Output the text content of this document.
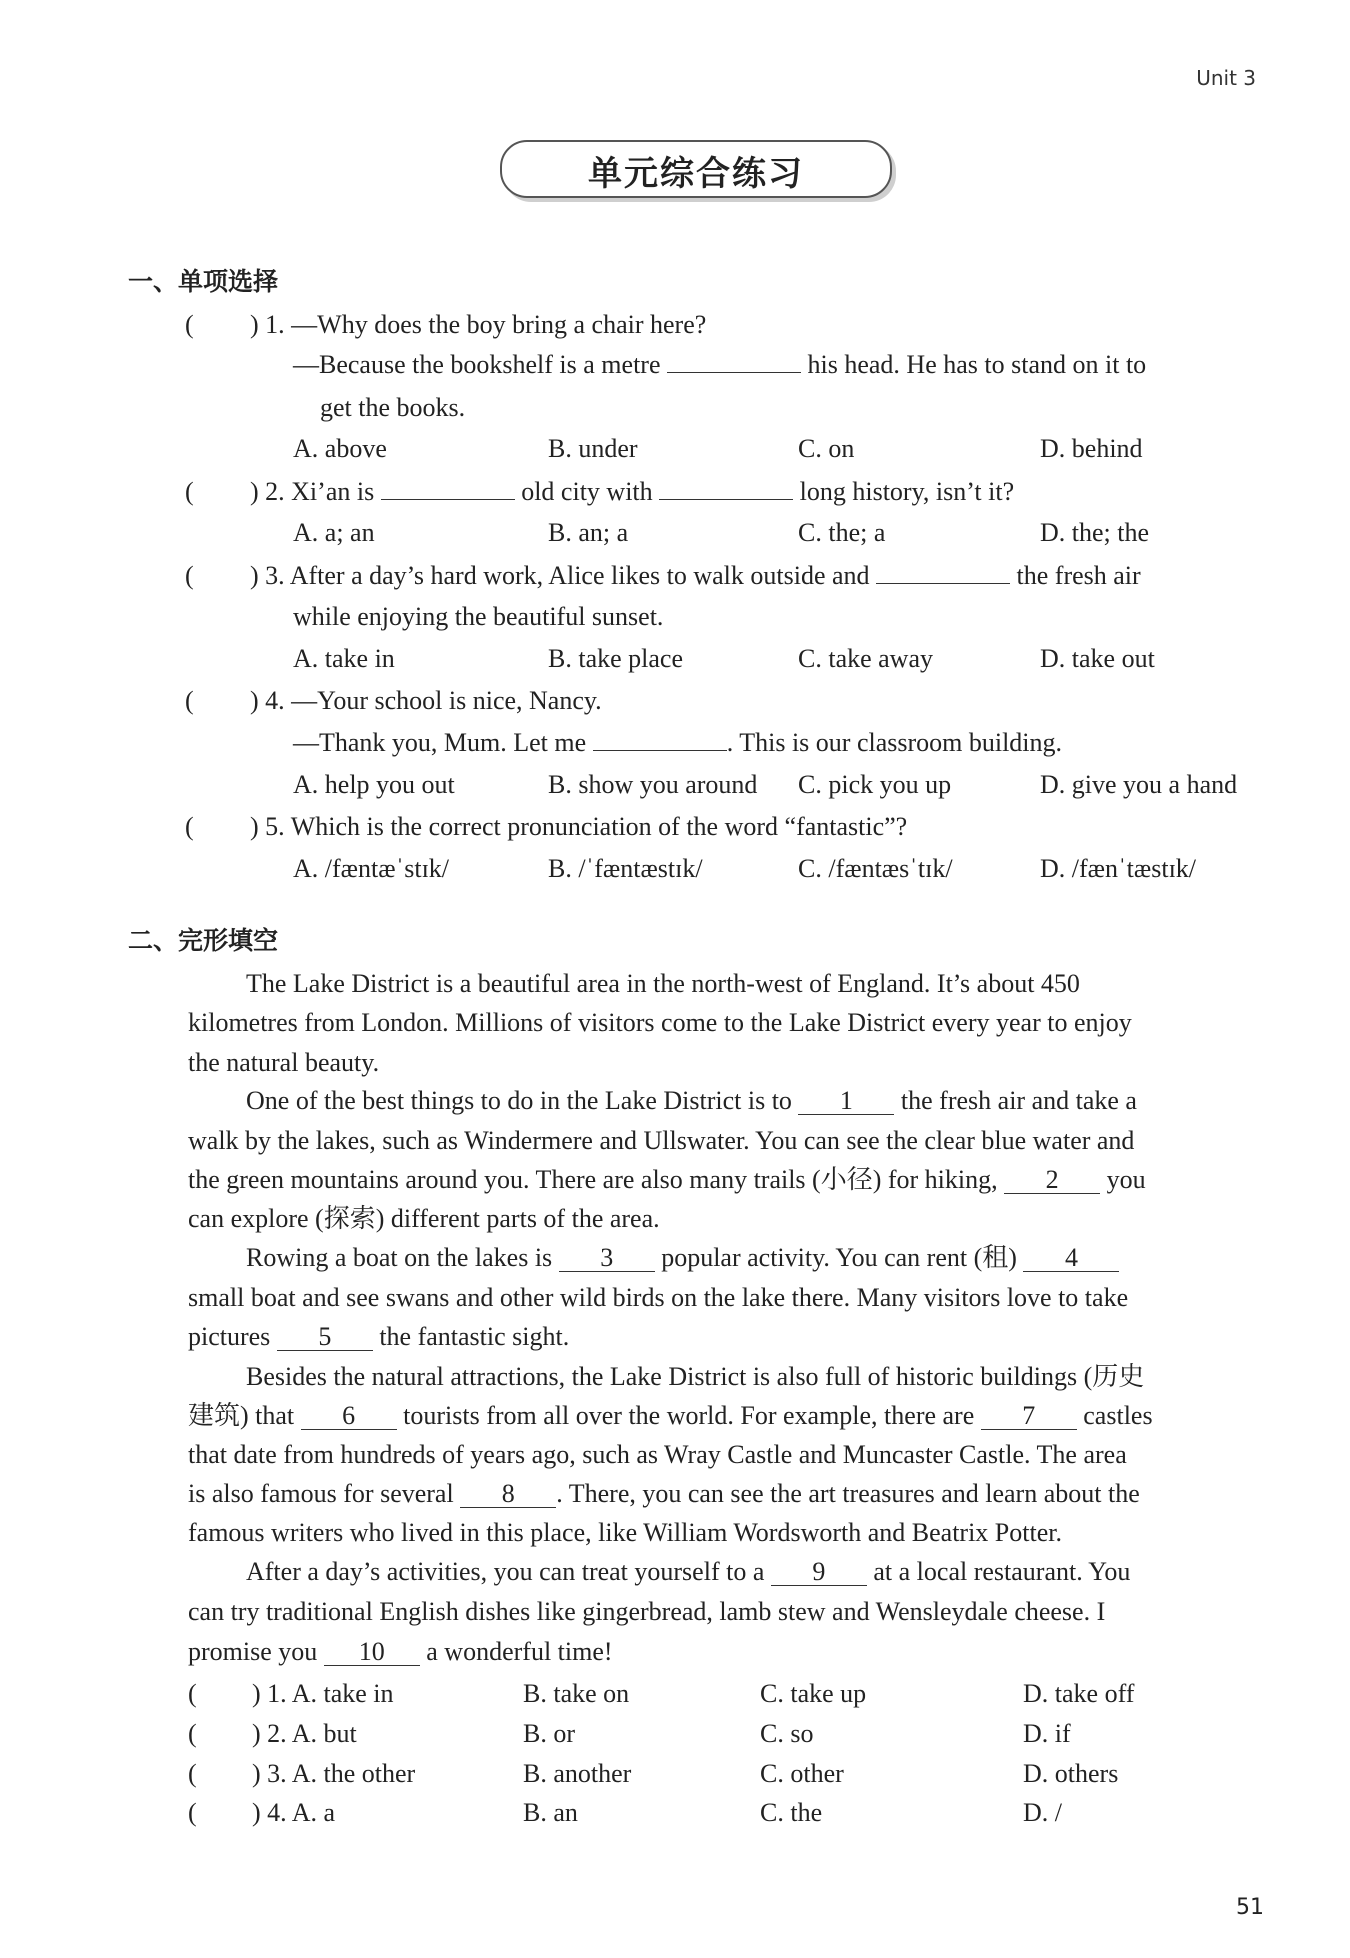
Unit 3
单元综合练习
一、单项选择
( ) 1. —Why does the boy bring a chair here?
—Because the bookshelf is a metre	his head. He has to stand on it to
get the books.
A. above	B. under	C. on	D. behind
( ) 2. Xi’an is	old city with	long history, isn’t it?
A. a; an	B. an; a	C. the; a	D. the; the
( ) 3. After a day’s hard work, Alice likes to walk outside and	the fresh air
while enjoying the beautiful sunset.
A. take in	B. take place	C. take away	D. take out
( ) 4. —Your school is nice, Nancy.
—Thank you, Mum. Let me	. This is our classroom building.
A. help you out	B. show you around C. pick you up	D. give you a hand
( ) 5. Which is the correct pronunciation of the word “fantastic”?
A. /fæntæˈstɪk/	B. /ˈfæntæstɪk/	C. /fæntæsˈtɪk/	D. /fænˈtæstɪk/
二、完形填空
The Lake District is a beautiful area in the north-west of England. It’s about 450
kilometres from London. Millions of visitors come to the Lake District every year to enjoy
the natural beauty.
One of the best things to do in the Lake District is to 1 the fresh air and take a
walk by the lakes, such as Windermere and Ullswater. You can see the clear blue water and
the green mountains around you. There are also many trails (小径) for hiking, 2 you
can explore (探索) different parts of the area.
Rowing a boat on the lakes is 3 popular activity. You can rent (租) 4
small boat and see swans and other wild birds on the lake there. Many visitors love to take
pictures 5 the fantastic sight.
Besides the natural attractions, the Lake District is also full of historic buildings (历史
建筑) that 6 tourists from all over the world. For example, there are 7 castles
that date from hundreds of years ago, such as Wray Castle and Muncaster Castle. The area
is also famous for several 8 . There, you can see the art treasures and learn about the
famous writers who lived in this place, like William Wordsworth and Beatrix Potter.
After a day’s activities, you can treat yourself to a 9 at a local restaurant. You
can try traditional English dishes like gingerbread, lamb stew and Wensleydale cheese. I
promise you 10 a wonderful time!
( ) 1. A. take in	B. take on	C. take up	D. take off
( ) 2. A. but	B. or	C. so	D. if
( ) 3. A. the other	B. another	C. other	D. others
( ) 4. A. a	B. an	C. the	D. /
51
